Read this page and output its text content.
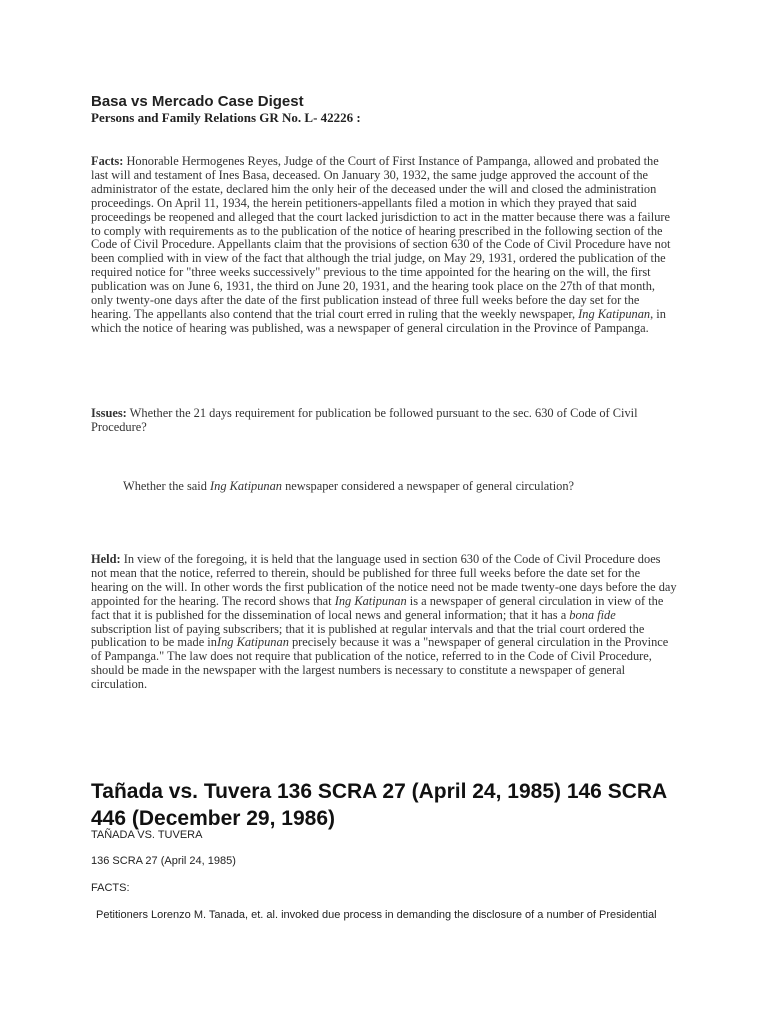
Basa vs Mercado Case Digest
Persons and Family Relations GR No. L- 42226 :
Facts: Honorable Hermogenes Reyes, Judge of the Court of First Instance of Pampanga, allowed and probated the last will and testament of Ines Basa, deceased. On January 30, 1932, the same judge approved the account of the administrator of the estate, declared him the only heir of the deceased under the will and closed the administration proceedings. On April 11, 1934, the herein petitioners-appellants filed a motion in which they prayed that said proceedings be reopened and alleged that the court lacked jurisdiction to act in the matter because there was a failure to comply with requirements as to the publication of the notice of hearing prescribed in the following section of the Code of Civil Procedure. Appellants claim that the provisions of section 630 of the Code of Civil Procedure have not been complied with in view of the fact that although the trial judge, on May 29, 1931, ordered the publication of the required notice for "three weeks successively" previous to the time appointed for the hearing on the will, the first publication was on June 6, 1931, the third on June 20, 1931, and the hearing took place on the 27th of that month, only twenty-one days after the date of the first publication instead of three full weeks before the day set for the hearing. The appellants also contend that the trial court erred in ruling that the weekly newspaper, Ing Katipunan, in which the notice of hearing was published, was a newspaper of general circulation in the Province of Pampanga.
Issues: Whether the 21 days requirement for publication be followed pursuant to the sec. 630 of Code of Civil Procedure?
Whether the said Ing Katipunan newspaper considered a newspaper of general circulation?
Held: In view of the foregoing, it is held that the language used in section 630 of the Code of Civil Procedure does not mean that the notice, referred to therein, should be published for three full weeks before the date set for the hearing on the will. In other words the first publication of the notice need not be made twenty-one days before the day appointed for the hearing. The record shows that Ing Katipunan is a newspaper of general circulation in view of the fact that it is published for the dissemination of local news and general information; that it has a bona fide subscription list of paying subscribers; that it is published at regular intervals and that the trial court ordered the publication to be made inIng Katipunan precisely because it was a "newspaper of general circulation in the Province of Pampanga." The law does not require that publication of the notice, referred to in the Code of Civil Procedure, should be made in the newspaper with the largest numbers is necessary to constitute a newspaper of general circulation.
Tañada vs. Tuvera 136 SCRA 27 (April 24, 1985) 146 SCRA 446 (December 29, 1986)
TAÑADA VS. TUVERA
136 SCRA 27 (April 24, 1985)
FACTS:
Petitioners Lorenzo M. Tanada, et. al. invoked due process in demanding the disclosure of a number of Presidential
